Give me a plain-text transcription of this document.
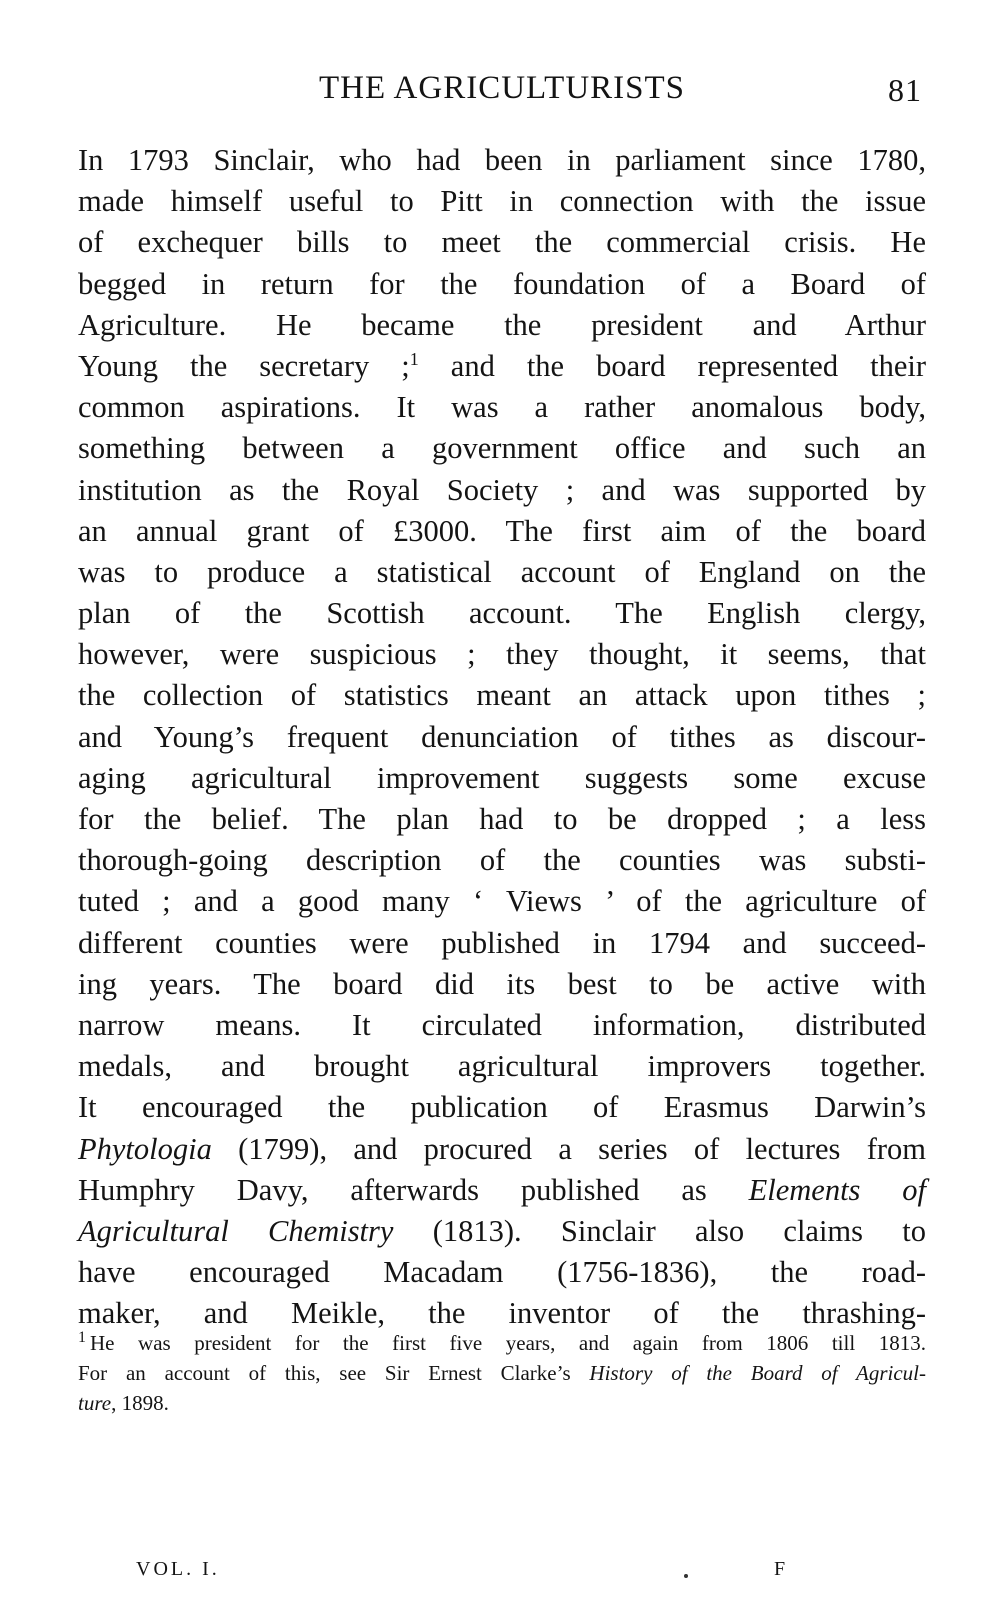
THE AGRICULTURISTS	81
In 1793 Sinclair, who had been in parliament since 1780,
made himself useful to Pitt in connection with the issue
of exchequer bills to meet the commercial crisis. He
begged in return for the foundation of a Board of
Agriculture. He became the president and Arthur
Young the secretary ;$^1$ and the board represented their
common aspirations. It was a rather anomalous body,
something between a government office and such an
institution as the Royal Society ; and was supported by
an annual grant of £3000. The first aim of the board
was to produce a statistical account of England on the
plan of the Scottish account. The English clergy,
however, were suspicious ; they thought, it seems, that
the collection of statistics meant an attack upon tithes ;
and Young’s frequent denunciation of tithes as discour-
aging agricultural improvement suggests some excuse
for the belief. The plan had to be dropped ; a less
thorough-going description of the counties was substi-
tuted ; and a good many ‘ Views ’ of the agriculture of
different counties were published in 1794 and succeed-
ing years. The board did its best to be active with
narrow means. It circulated information, distributed
medals, and brought agricultural improvers together.
It encouraged the publication of Erasmus Darwin’s
Phytologia (1799), and procured a series of lectures from
Humphry Davy, afterwards published as Elements of
Agricultural Chemistry (1813). Sinclair also claims to
have encouraged Macadam (1756-1836), the road-
maker, and Meikle, the inventor of the thrashing-
$^1$ He was president for the first five years, and again from 1806 till 1813.
For an account of this, see Sir Ernest Clarke’s History of the Board of Agricul-
ture, 1898.
VOL. I.	F
